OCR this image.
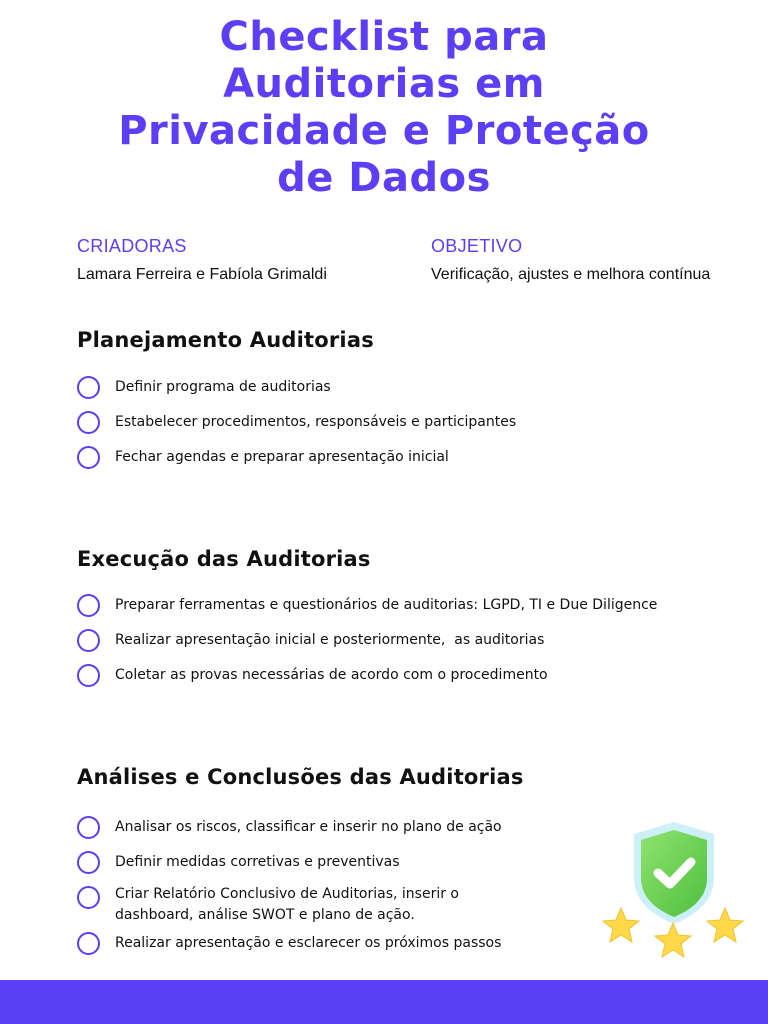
Checklist para
Auditorias em
Privacidade e Proteção
de Dados
CRIADORAS
Lamara Ferreira e Fabíola Grimaldi
OBJETIVO
Verificação, ajustes e melhora contínua
Planejamento Auditorias
Definir programa de auditorias
Estabelecer procedimentos, responsáveis e participantes
Fechar agendas e preparar apresentação inicial
Execução das Auditorias
Preparar ferramentas e questionários de auditorias: LGPD, TI e Due Diligence
Realizar apresentação inicial e posteriormente,  as auditorias
Coletar as provas necessárias de acordo com o procedimento
Análises e Conclusões das Auditorias
Analisar os riscos, classificar e inserir no plano de ação
Definir medidas corretivas e preventivas
Criar Relatório Conclusivo de Auditorias, inserir o dashboard, análise SWOT e plano de ação.
Realizar apresentação e esclarecer os próximos passos
